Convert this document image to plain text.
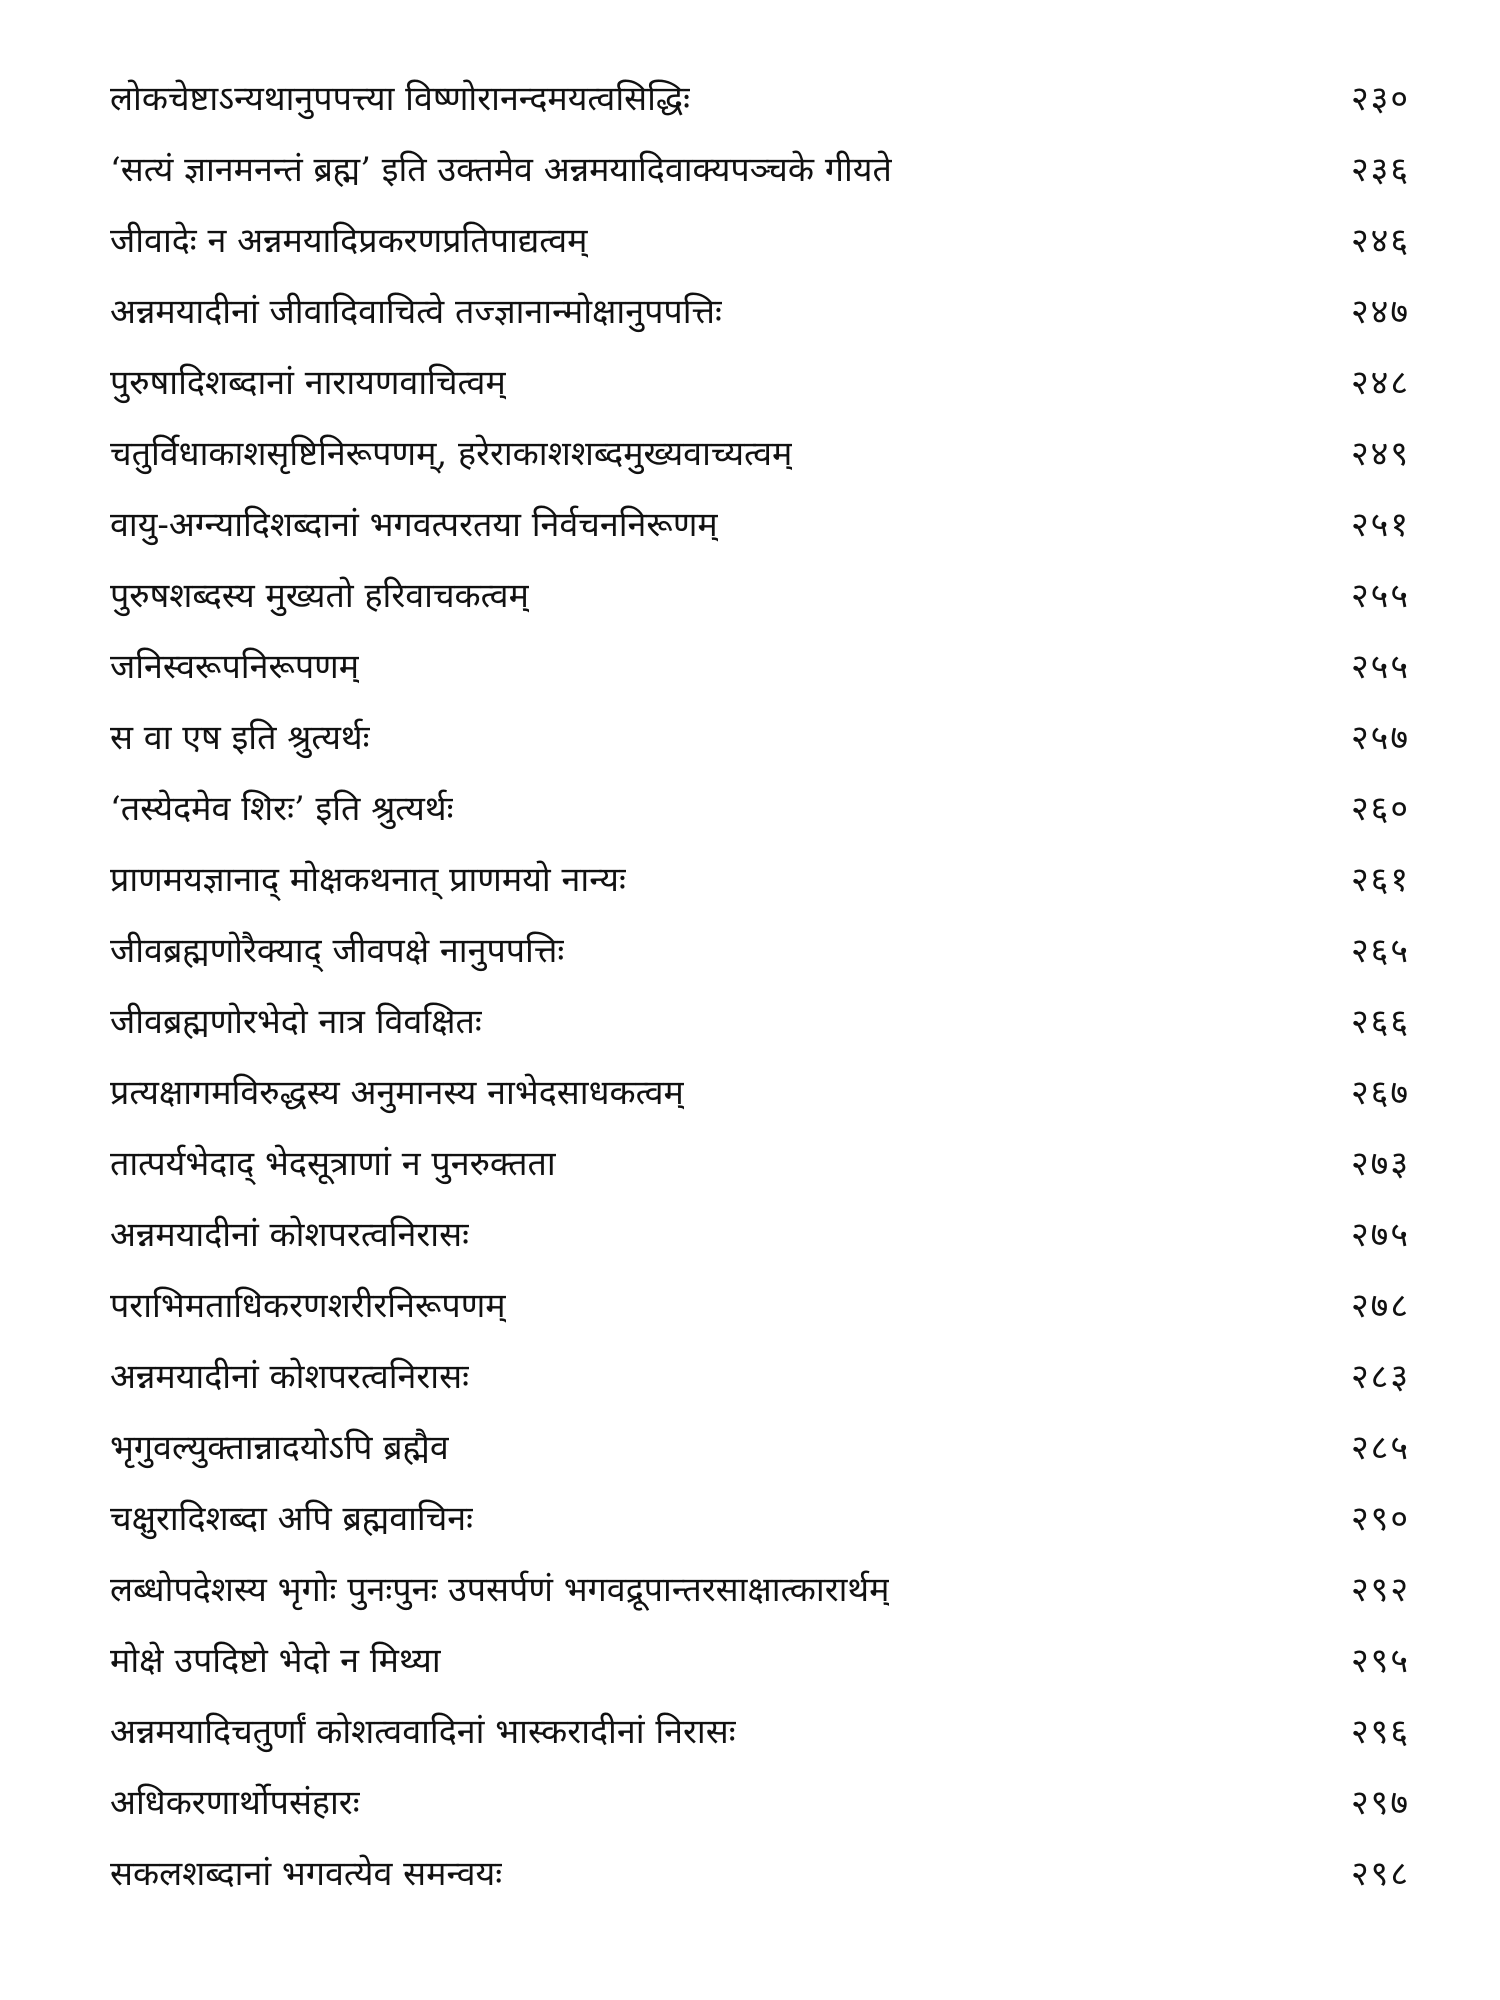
लोकचेष्टाऽन्यथानुपपत्त्या विष्णोरानन्दमयत्वसिद्धिः	२३०
‘सत्यं ज्ञानमनन्तं ब्रह्म’ इति उक्तमेव अन्नमयादिवाक्यपञ्चके गीयते	२३६
जीवादेः न अन्नमयादिप्रकरणप्रतिपाद्यत्वम्	२४६
अन्नमयादीनां जीवादिवाचित्वे तज्ज्ञानान्मोक्षानुपपत्तिः	२४७
पुरुषादिशब्दानां नारायणवाचित्वम्	२४८
चतुर्विधाकाशसृष्टिनिरूपणम्, हरेराकाशशब्दमुख्यवाच्यत्वम्	२४९
वायु-अग्न्यादिशब्दानां भगवत्परतया निर्वचननिरूणम्	२५१
पुरुषशब्दस्य मुख्यतो हरिवाचकत्वम्	२५५
जनिस्वरूपनिरूपणम्	२५५
स वा एष इति श्रुत्यर्थः	२५७
‘तस्येदमेव शिरः’ इति श्रुत्यर्थः	२६०
प्राणमयज्ञानाद् मोक्षकथनात् प्राणमयो नान्यः	२६१
जीवब्रह्मणोरैक्याद् जीवपक्षे नानुपपत्तिः	२६५
जीवब्रह्मणोरभेदो नात्र विवक्षितः	२६६
प्रत्यक्षागमविरुद्धस्य अनुमानस्य नाभेदसाधकत्वम्	२६७
तात्पर्यभेदाद् भेदसूत्राणां न पुनरुक्तता	२७३
अन्नमयादीनां कोशपरत्वनिरासः	२७५
पराभिमताधिकरणशरीरनिरूपणम्	२७८
अन्नमयादीनां कोशपरत्वनिरासः	२८३
भृगुवल्युक्तान्नादयोऽपि ब्रह्मैव	२८५
चक्षुरादिशब्दा अपि ब्रह्मवाचिनः	२९०
लब्धोपदेशस्य भृगोः पुनःपुनः उपसर्पणं भगवद्रूपान्तरसाक्षात्कारार्थम्	२९२
मोक्षे उपदिष्टो भेदो न मिथ्या	२९५
अन्नमयादिचतुर्णां कोशत्ववादिनां भास्करादीनां निरासः	२९६
अधिकरणार्थोपसंहारः	२९७
सकलशब्दानां भगवत्येव समन्वयः	२९८
